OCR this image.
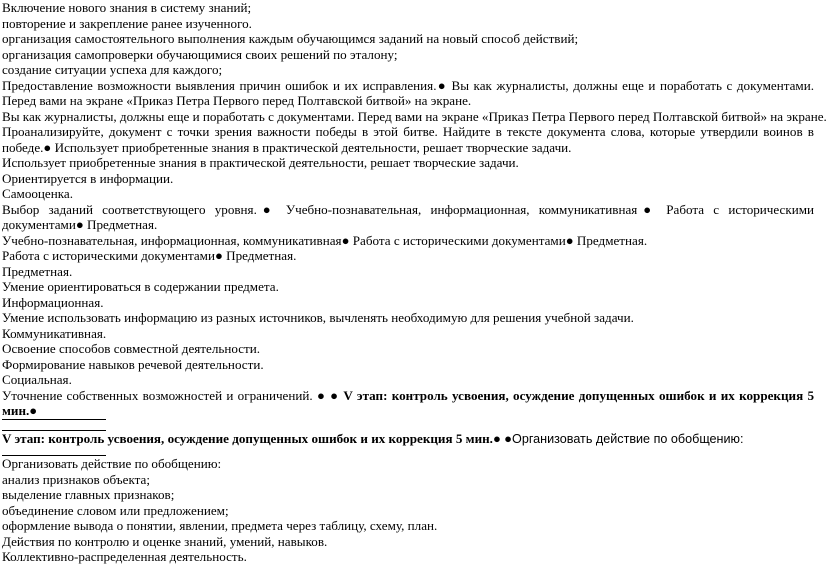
Включение нового знания в систему знаний;
повторение и закрепление ранее изученного.
организация самостоятельного выполнения каждым обучающимся заданий на новый способ действий;
организация самопроверки обучающимися своих решений по эталону;
создание ситуации успеха для каждого;
Предоставление возможности выявления причин ошибок и их исправления.● Вы как журналисты, должны еще и поработать с документами. Перед вами на экране «Приказ Петра Первого перед Полтавской битвой» на экране.
Вы как журналисты, должны еще и поработать с документами. Перед вами на экране «Приказ Петра Первого перед Полтавской битвой» на экране.
Проанализируйте, документ с точки зрения важности победы в этой битве. Найдите в тексте документа слова, которые утвердили воинов в победе.● Использует приобретенные знания в практической деятельности, решает творческие задачи.
Использует приобретенные знания в практической деятельности, решает творческие задачи.
Ориентируется в информации.
Самооценка.
Выбор заданий соответствующего уровня.● Учебно-познавательная, информационная, коммуникативная● Работа с историческими документами● Предметная.
Учебно-познавательная, информационная, коммуникативная● Работа с историческими документами● Предметная.
Работа с историческими документами● Предметная.
Предметная.
Умение ориентироваться в содержании предмета.
Информационная.
Умение использовать информацию из разных источников, вычленять необходимую для решения учебной задачи.
Коммуникативная.
Освоение способов совместной деятельности.
Формирование навыков речевой деятельности.
Социальная.
Уточнение собственных возможностей и ограничений. ● ● V этап: контроль усвоения, осуждение допущенных ошибок и их коррекция 5 мин.●
V этап: контроль усвоения, осуждение допущенных ошибок и их коррекция 5 мин.● ●Организовать действие по обобщению:
Организовать действие по обобщению:
анализ признаков объекта;
выделение главных признаков;
объединение словом или предложением;
оформление вывода о понятии, явлении, предмета через таблицу, схему, план.
Действия по контролю и оценке знаний, умений, навыков.
Коллективно-распределенная деятельность.
